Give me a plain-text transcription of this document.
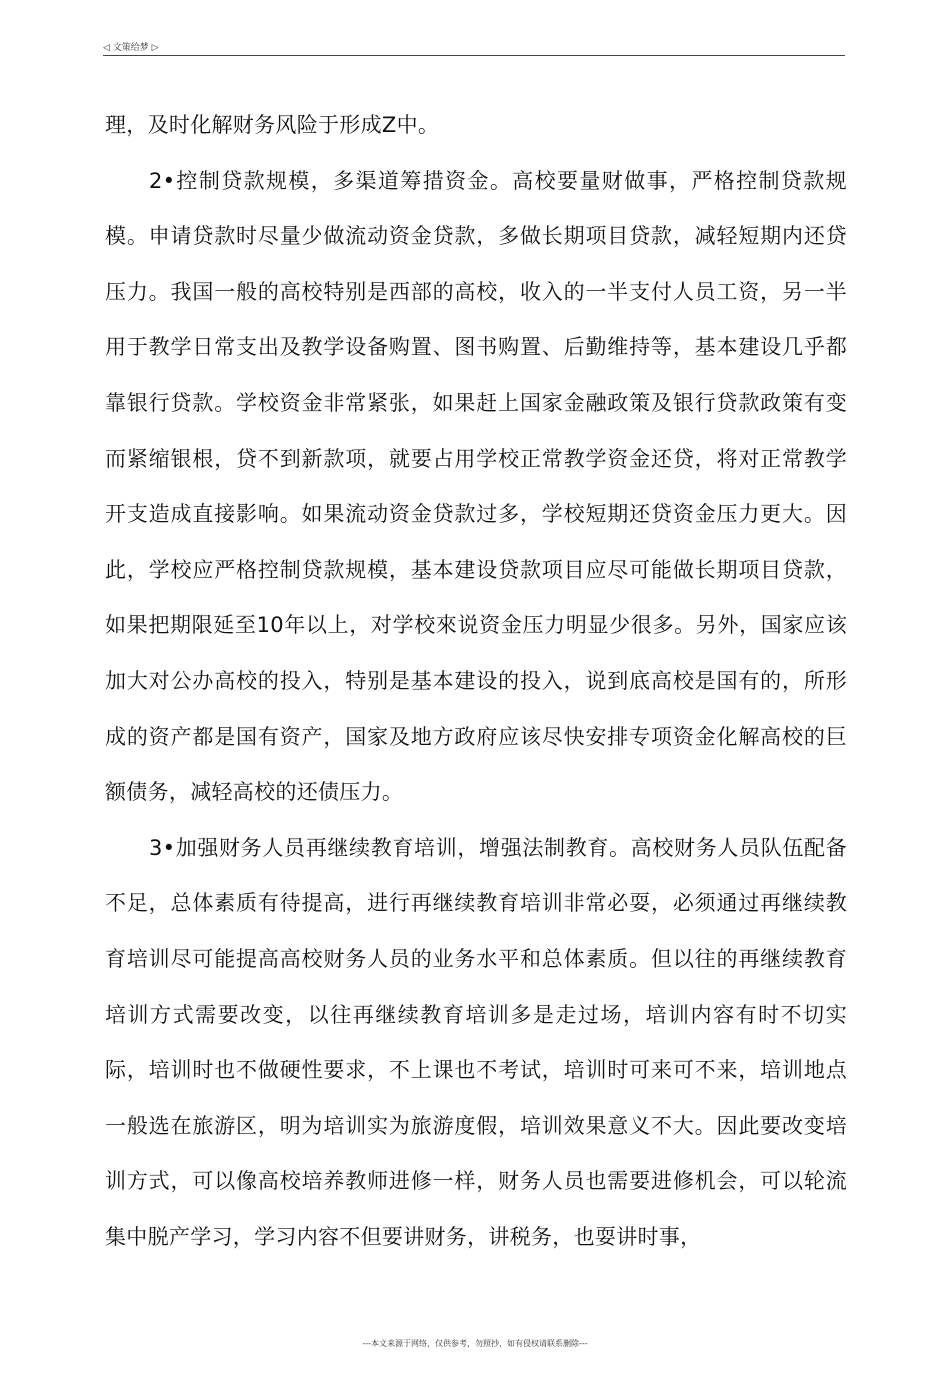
◁ 文策给梦 ▷

理，及时化解财务风险于形成Z中。

2•控制贷款规模，多渠道筹措资金。高校要量财做事，严格控制贷款规模。申请贷款时尽量少做流动资金贷款，多做长期项目贷款，减轻短期内还贷压力。我国一般的高校特别是西部的高校，收入的一半支付人员工资，另一半用于教学日常支出及教学设备购置、图书购置、后勤维持等，基本建设几乎都靠银行贷款。学校资金非常紧张，如果赶上国家金融政策及银行贷款政策有变而紧缩银根，贷不到新款项，就要占用学校正常教学资金还贷，将对正常教学开支造成直接影响。如果流动资金贷款过多，学校短期还贷资金压力更大。因此，学校应严格控制贷款规模，基本建设贷款项目应尽可能做长期项目贷款，如果把期限延至10年以上，对学校來说资金压力明显少很多。另外，国家应该加大对公办高校的投入，特别是基本建设的投入，说到底高校是国有的，所形成的资产都是国有资产，国家及地方政府应该尽快安排专项资金化解高校的巨额债务，减轻高校的还债压力。

3•加强财务人员再继续教育培训，增强法制教育。高校财务人员队伍配备不足，总体素质有待提高，进行再继续教育培训非常必耍，必须通过再继续教育培训尽可能提高高校财务人员的业务水平和总体素质。但以往的再继续教育培训方式需要改变，以往再继续教育培训多是走过场，培训内容有时不切实际，培训时也不做硬性要求，不上课也不考试，培训时可来可不来，培训地点一般选在旅游区，明为培训实为旅游度假，培训效果意义不大。因此要改变培训方式，可以像高校培养教师进修一样，财务人员也需要进修机会，可以轮流集中脱产学习，学习内容不但要讲财务，讲税务，也耍讲时事，

---本文来源于网络，仅供参考，勿照抄，如有侵权请联系删除---
